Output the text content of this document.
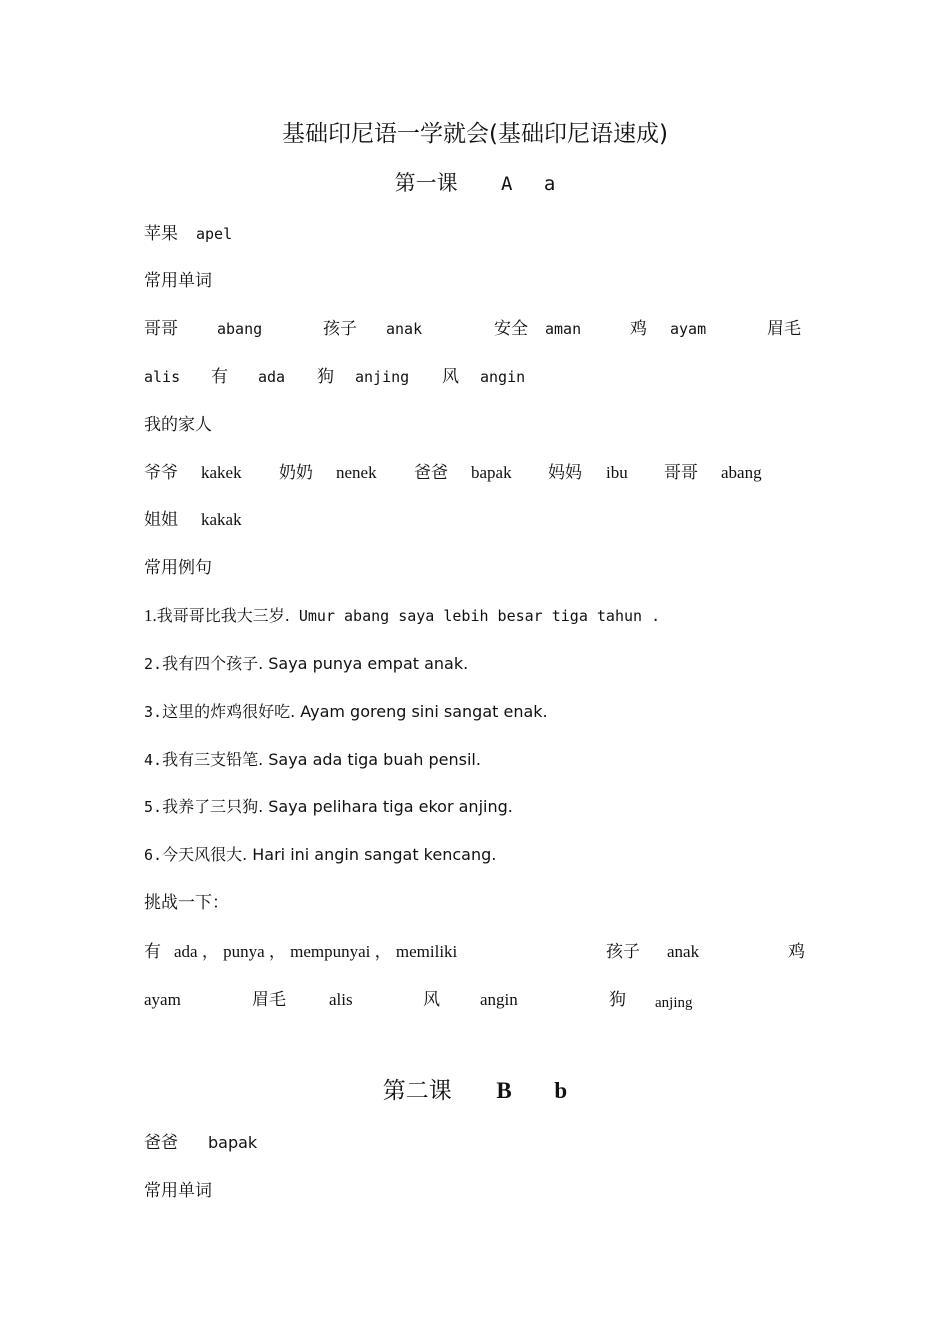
基础印尼语一学就会(基础印尼语速成)
第一课 A a
苹果 apel
常用单词
哥哥	abang	孩子 anak	安全 aman	鸡 ayam	眉毛
alis 有 ada 狗 anjing 风 angin
我的家人
爷爷 kakek 奶奶 nenek 爸爸 bapak 妈妈 ibu 哥哥 abang
姐姐 kakak
常用例句
1.我哥哥比我大三岁. Umur abang saya lebih besar tiga tahun .
2.我有四个孩子. Saya punya empat anak.
3.这里的炸鸡很好吃. Ayam goreng sini sangat enak.
4.我有三支铅笔. Saya ada tiga buah pensil.
5.我养了三只狗. Saya pelihara tiga ekor anjing.
6.今天风很大. Hari ini angin sangat kencang.
挑战一下：
有 ada ， punya ， mempunyai ， memiliki	孩子 anak	鸡
ayam	眉毛	alis	风 angin	狗 anjing
第二课 B b
爸爸 bapak
常用单词
